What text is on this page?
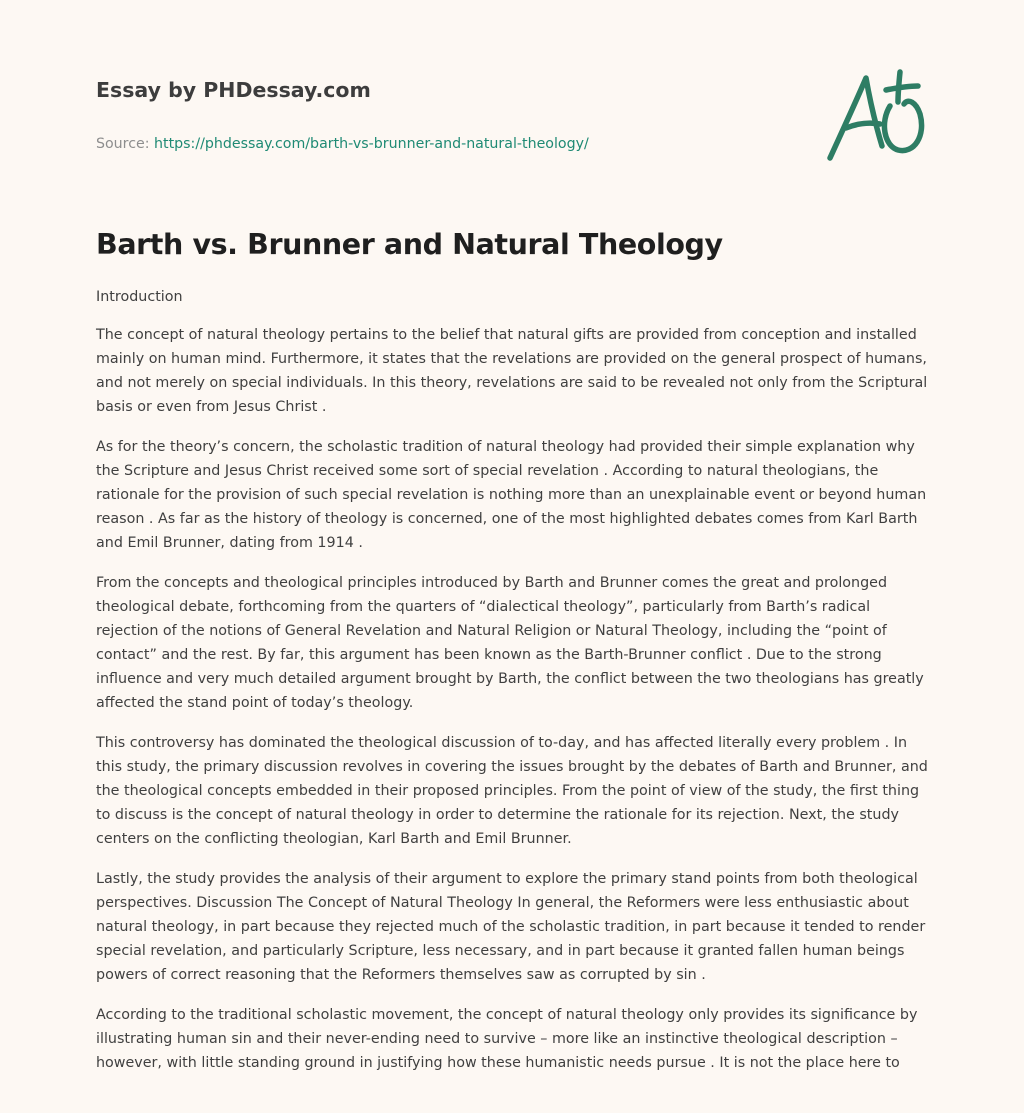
Essay by PHDessay.com
Source: https://phdessay.com/barth-vs-brunner-and-natural-theology/
Barth vs. Brunner and Natural Theology

Introduction

The concept of natural theology pertains to the belief that natural gifts are provided from conception and installed mainly on human mind. Furthermore, it states that the revelations are provided on the general prospect of humans, and not merely on special individuals. In this theory, revelations are said to be revealed not only from the Scriptural basis or even from Jesus Christ .

As for the theory’s concern, the scholastic tradition of natural theology had provided their simple explanation why the Scripture and Jesus Christ received some sort of special revelation . According to natural theologians, the rationale for the provision of such special revelation is nothing more than an unexplainable event or beyond human reason . As far as the history of theology is concerned, one of the most highlighted debates comes from Karl Barth and Emil Brunner, dating from 1914 .

From the concepts and theological principles introduced by Barth and Brunner comes the great and prolonged theological debate, forthcoming from the quarters of “dialectical theology”, particularly from Barth’s radical rejection of the notions of General Revelation and Natural Religion or Natural Theology, including the “point of contact” and the rest. By far, this argument has been known as the Barth-Brunner conflict . Due to the strong influence and very much detailed argument brought by Barth, the conflict between the two theologians has greatly affected the stand point of today’s theology.

This controversy has dominated the theological discussion of to-day, and has affected literally every problem . In this study, the primary discussion revolves in covering the issues brought by the debates of Barth and Brunner, and the theological concepts embedded in their proposed principles. From the point of view of the study, the first thing to discuss is the concept of natural theology in order to determine the rationale for its rejection. Next, the study centers on the conflicting theologian, Karl Barth and Emil Brunner.

Lastly, the study provides the analysis of their argument to explore the primary stand points from both theological perspectives. Discussion The Concept of Natural Theology In general, the Reformers were less enthusiastic about natural theology, in part because they rejected much of the scholastic tradition, in part because it tended to render special revelation, and particularly Scripture, less necessary, and in part because it granted fallen human beings powers of correct reasoning that the Reformers themselves saw as corrupted by sin .

According to the traditional scholastic movement, the concept of natural theology only provides its significance by illustrating human sin and their never-ending need to survive – more like an instinctive theological description – however, with little standing ground in justifying how these humanistic needs pursue . It is not the place here to
